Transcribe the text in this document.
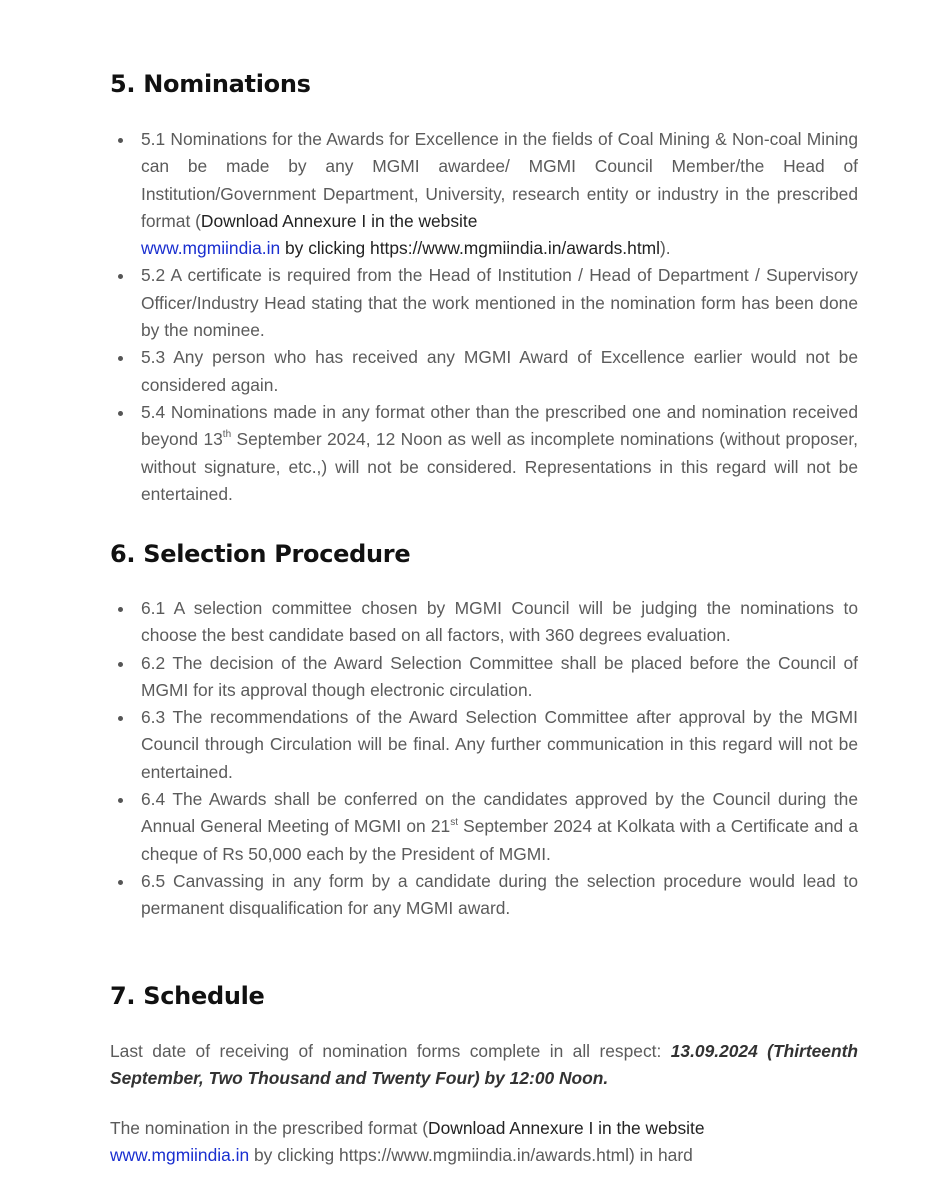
5. Nominations
5.1 Nominations for the Awards for Excellence in the fields of Coal Mining & Non-coal Mining can be made by any MGMI awardee/ MGMI Council Member/the Head of Institution/Government Department, University, research entity or industry in the prescribed format (Download Annexure I in the website
www.mgmiindia.in by clicking https://www.mgmiindia.in/awards.html).
5.2 A certificate is required from the Head of Institution / Head of Department / Supervisory Officer/Industry Head stating that the work mentioned in the nomination form has been done by the nominee.
5.3 Any person who has received any MGMI Award of Excellence earlier would not be considered again.
5.4 Nominations made in any format other than the prescribed one and nomination received beyond 13th September 2024, 12 Noon as well as incomplete nominations (without proposer, without signature, etc.,) will not be considered. Representations in this regard will not be entertained.
6. Selection Procedure
6.1 A selection committee chosen by MGMI Council will be judging the nominations to choose the best candidate based on all factors, with 360 degrees evaluation.
6.2 The decision of the Award Selection Committee shall be placed before the Council of MGMI for its approval though electronic circulation.
6.3 The recommendations of the Award Selection Committee after approval by the MGMI Council through Circulation will be final. Any further communication in this regard will not be entertained.
6.4 The Awards shall be conferred on the candidates approved by the Council during the Annual General Meeting of MGMI on 21st September 2024 at Kolkata with a Certificate and a cheque of Rs 50,000 each by the President of MGMI.
6.5 Canvassing in any form by a candidate during the selection procedure would lead to permanent disqualification for any MGMI award.
7. Schedule

Last date of receiving of nomination forms complete in all respect: 13.09.2024 (Thirteenth September, Two Thousand and Twenty Four) by 12:00 Noon.

The nomination in the prescribed format (Download Annexure I in the website
www.mgmiindia.in by clicking https://www.mgmiindia.in/awards.html) in hard
